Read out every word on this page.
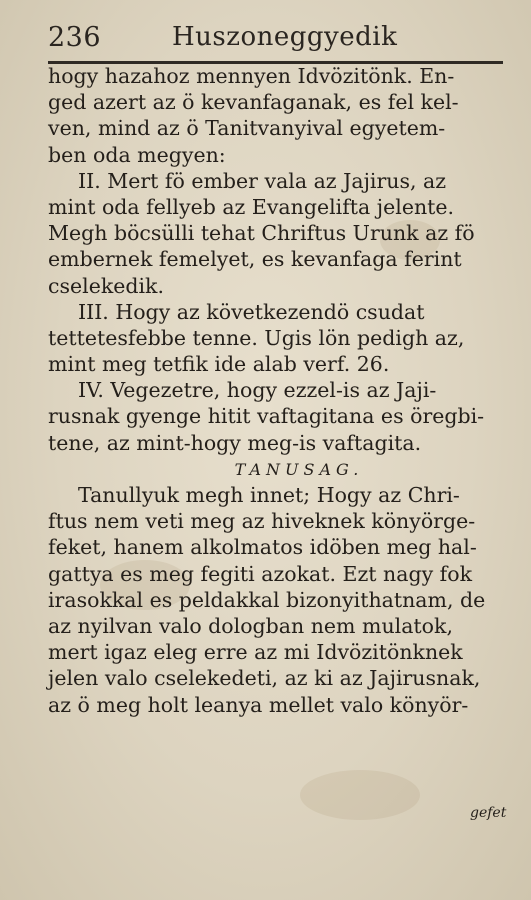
236	Huszoneggyedik
hogy hazahoz mennyen Idvözitönk. En-
ged azert az ö kevanfaganak, es fel kel-
ven, mind az ö Tanitvanyival egyetem-
ben oda megyen:
II. Mert fö ember vala az Jajirus, az
mint oda fellyeb az Evangelifta jelente.
Megh böcsülli tehat Chriftus Urunk az fö
embernek femelyet, es kevanfaga ferint
cselekedik.
III. Hogy az következendö csudat
tettetesfebbe tenne. Ugis lön pedigh az,
mint meg tetfik ide alab verf. 26.
IV. Vegezetre, hogy ezzel-is az Jaji-
rusnak gyenge hitit vaftagitana es öregbi-
tene, az mint-hogy meg-is vaftagita.
TANUSAG.
Tanullyuk megh innet; Hogy az Chri-
ftus nem veti meg az hiveknek könyörge-
feket, hanem alkolmatos idöben meg hal-
gattya es meg fegiti azokat. Ezt nagy fok
irasokkal es peldakkal bizonyithatnam, de
az nyilvan valo dologban nem mulatok,
mert igaz eleg erre az mi Idvözitönknek
jelen valo cselekedeti, az ki az Jajirusnak,
az ö meg holt leanya mellet valo könyör-
gefet
